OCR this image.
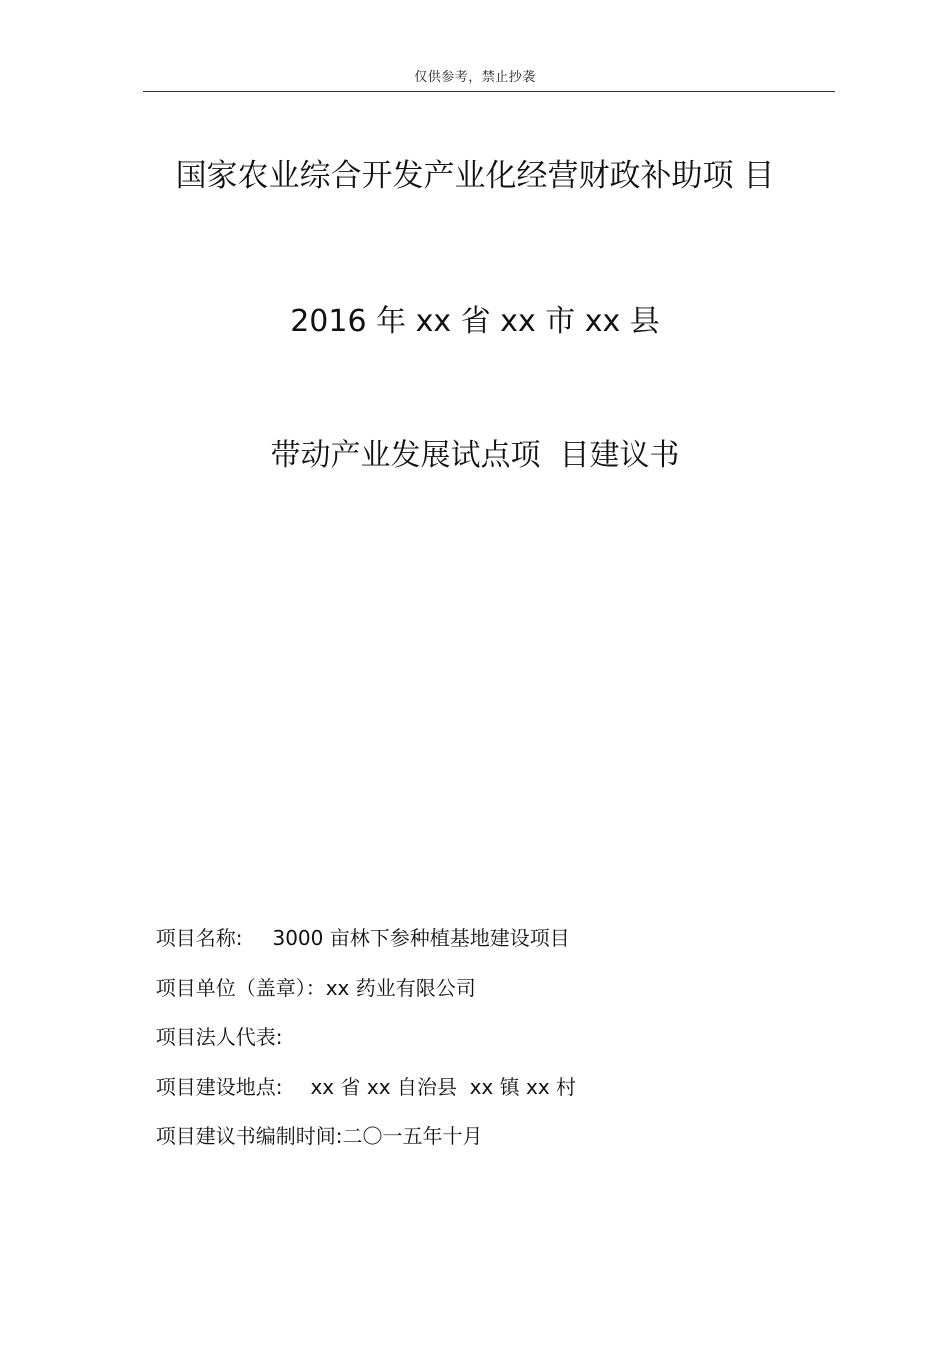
仅供参考，禁止抄袭
国家农业综合开发产业化经营财政补助项 目
2016 年 xx 省 xx 市 xx 县
带动产业发展试点项  目建议书

项目名称: 3000 亩林下参种植基地建设项目

项目单位（盖章）：xx 药业有限公司

项目法人代表:

项目建设地点: xx 省 xx 自治县  xx 镇 xx 村

项目建议书编制时间:二〇一五年十月
